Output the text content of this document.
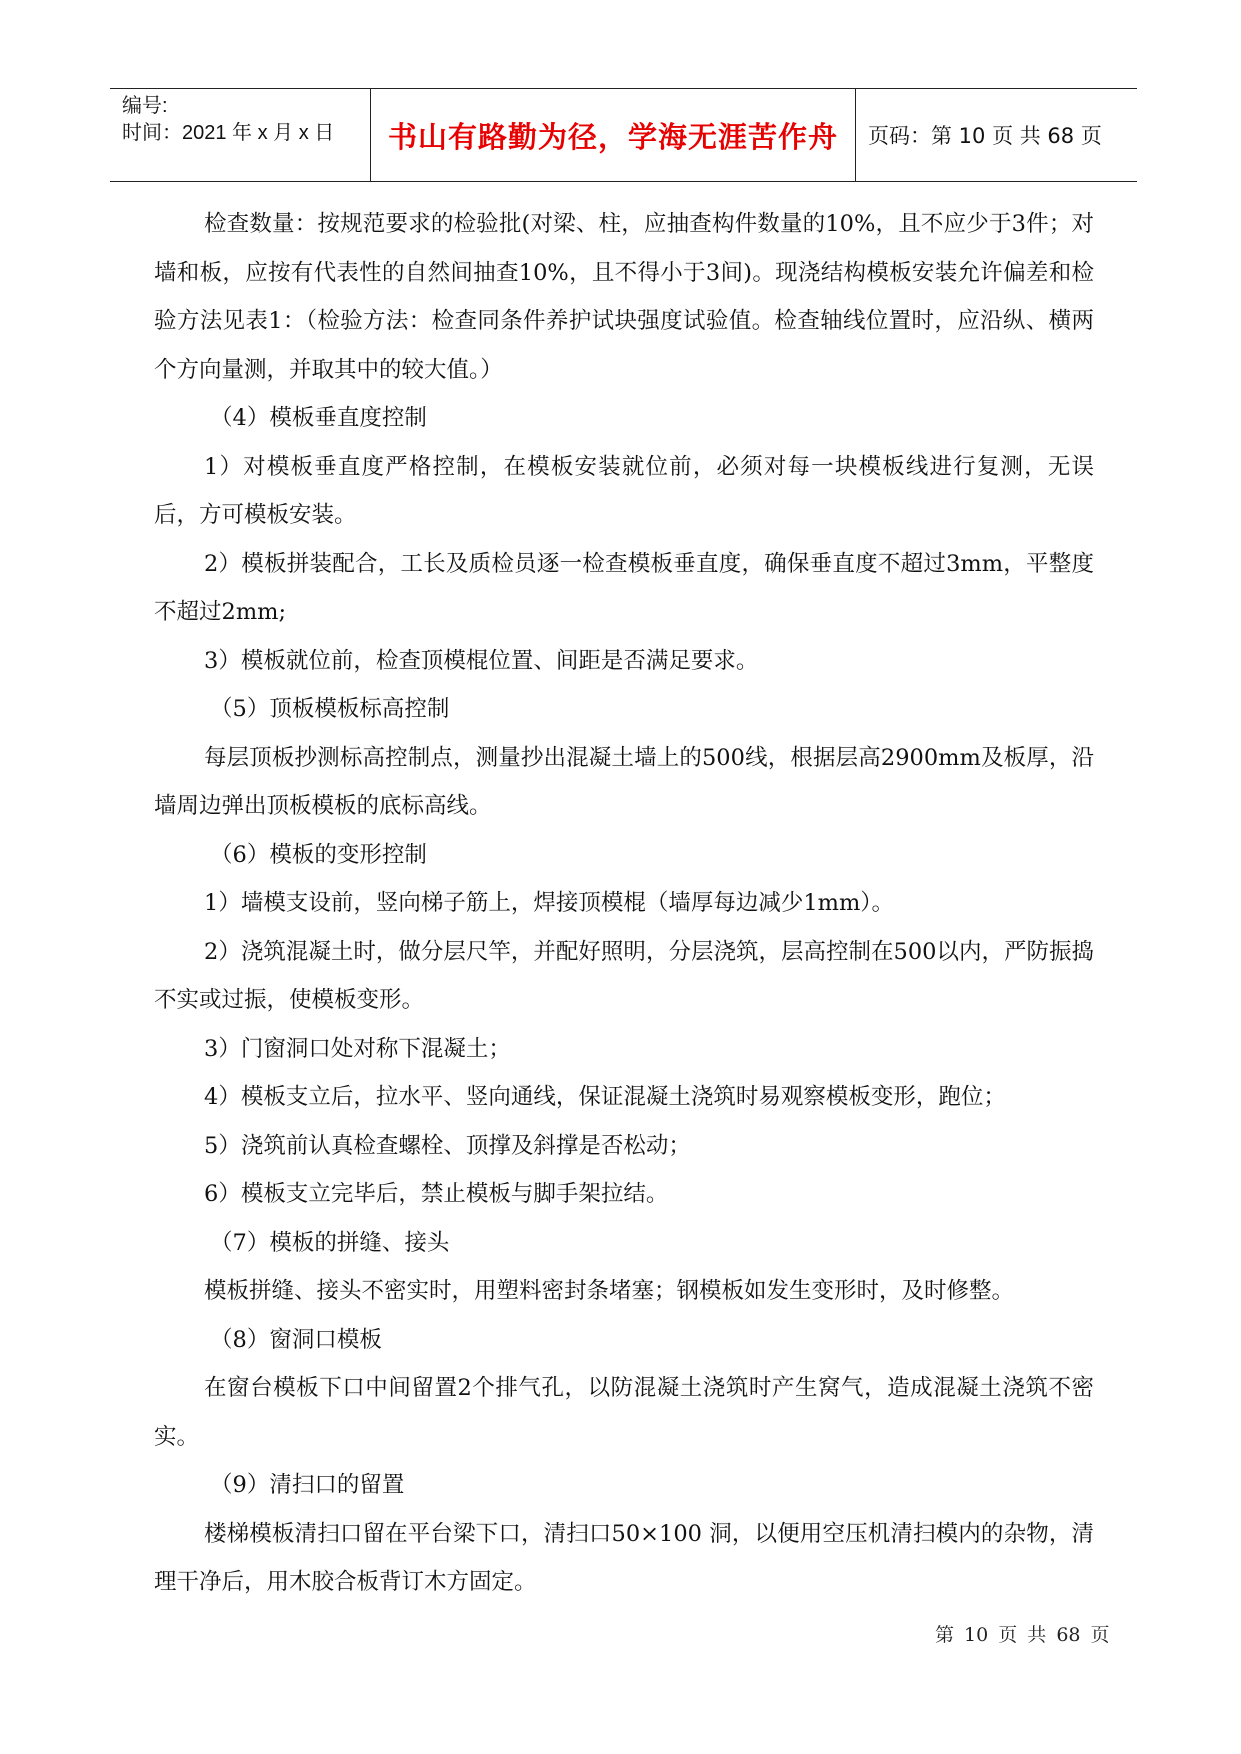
编号:
时间：2021 年 x 月 x 日	书山有路勤为径，学海无涯苦作舟	页码：第 10 页 共 68 页

检查数量：按规范要求的检验批(对梁、柱，应抽查构件数量的10%，且不应少于3件；对墙和板，应按有代表性的自然间抽查10%，且不得小于3间)。现浇结构模板安装允许偏差和检验方法见表1：（检验方法：检查同条件养护试块强度试验值。检查轴线位置时，应沿纵、横两个方向量测，并取其中的较大值。）

（4）模板垂直度控制

1）对模板垂直度严格控制，在模板安装就位前，必须对每一块模板线进行复测，无误后，方可模板安装。

2）模板拼装配合，工长及质检员逐一检查模板垂直度，确保垂直度不超过3mm，平整度不超过2mm;

3）模板就位前，检查顶模棍位置、间距是否满足要求。

（5）顶板模板标高控制

每层顶板抄测标高控制点，测量抄出混凝土墙上的500线，根据层高2900mm及板厚，沿墙周边弹出顶板模板的底标高线。

（6）模板的变形控制

1）墙模支设前，竖向梯子筋上，焊接顶模棍（墙厚每边减少1mm）。

2）浇筑混凝土时，做分层尺竿，并配好照明，分层浇筑，层高控制在500以内，严防振捣不实或过振，使模板变形。

3）门窗洞口处对称下混凝土；

4）模板支立后，拉水平、竖向通线，保证混凝土浇筑时易观察模板变形，跑位；

5）浇筑前认真检查螺栓、顶撑及斜撑是否松动；

6）模板支立完毕后，禁止模板与脚手架拉结。

（7）模板的拼缝、接头

模板拼缝、接头不密实时，用塑料密封条堵塞；钢模板如发生变形时，及时修整。

（8）窗洞口模板

在窗台模板下口中间留置2个排气孔，以防混凝土浇筑时产生窝气，造成混凝土浇筑不密实。

（9）清扫口的留置

楼梯模板清扫口留在平台梁下口，清扫口50×100 洞，以便用空压机清扫模内的杂物，清理干净后，用木胶合板背订木方固定。

第 10 页 共 68 页
